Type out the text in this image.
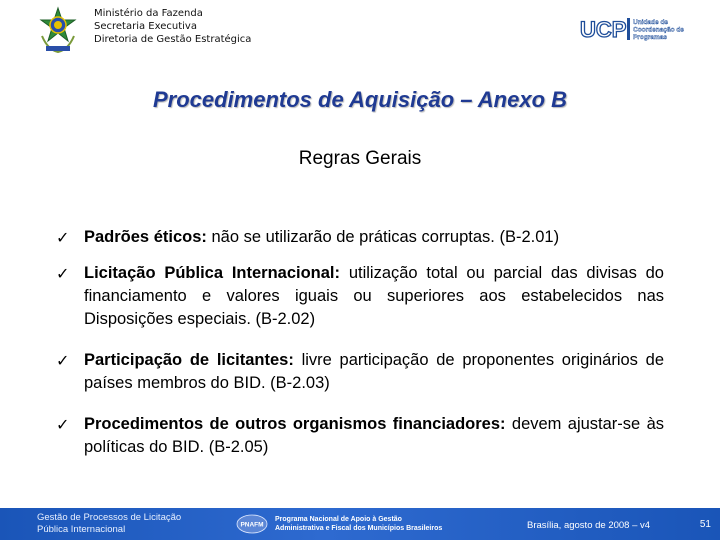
Ministério da Fazenda
Secretaria Executiva
Diretoria de Gestão Estratégica	UCP Unidade de
Coordenação de
Programas
Procedimentos de Aquisição – Anexo B
Regras Gerais
✓ Padrões éticos: não se utilizarão de práticas corruptas. (B-2.01)
✓ Licitação Pública Internacional: utilização total ou parcial das divisas do financiamento e valores iguais ou superiores aos estabelecidos nas Disposições especiais. (B-2.02)
✓ Participação de licitantes: livre participação de proponentes originários de países membros do BID. (B-2.03)
✓ Procedimentos de outros organismos financiadores: devem ajustar-se às políticas do BID. (B-2.05)
Gestão de Processos de Licitação
Pública Internacional	PNAFM
Programa Nacional de Apoio à Gestão
Administrativa e Fiscal dos Municípios Brasileiros	Brasília, agosto de 2008 – v4	51
